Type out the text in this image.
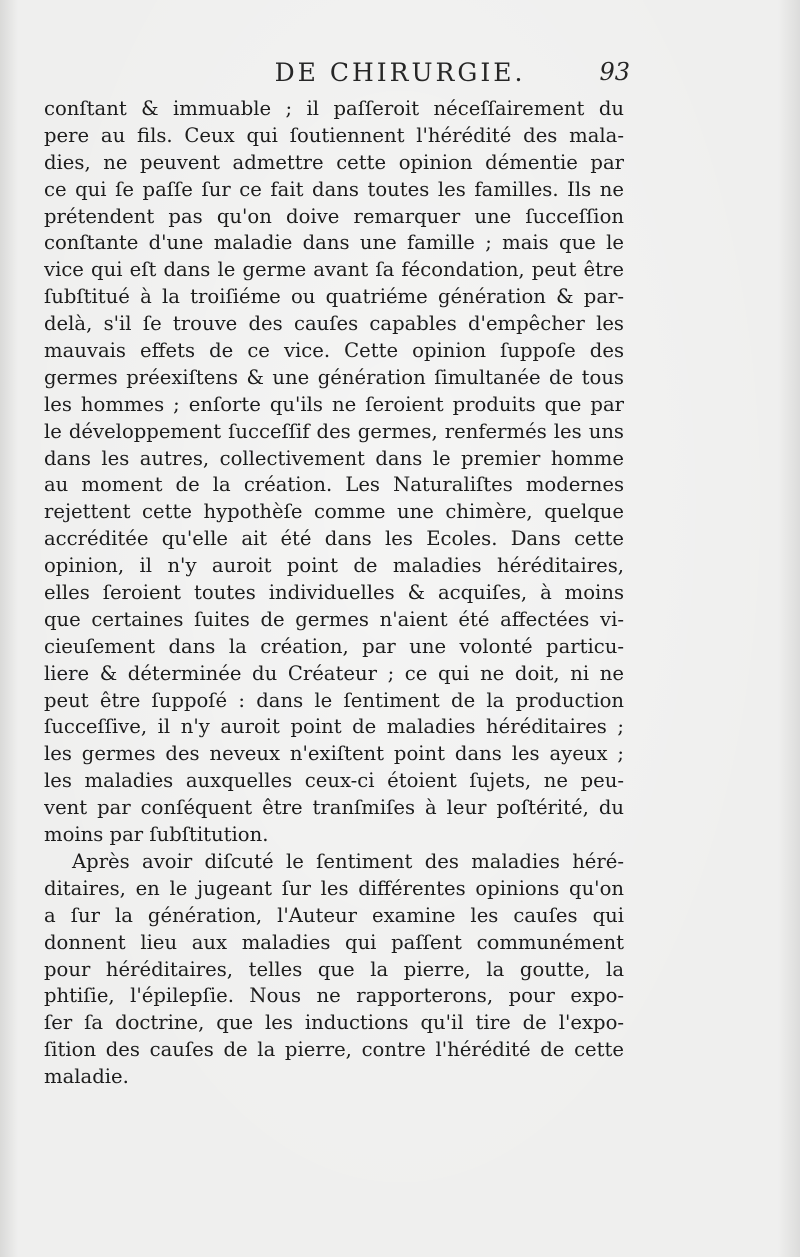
DE CHIRURGIE.	93
conſtant & immuable ; il paſſeroit néceſſairement du
pere au fils. Ceux qui ſoutiennent l'hérédité des mala-
dies, ne peuvent admettre cette opinion démentie par
ce qui ſe paſſe ſur ce fait dans toutes les familles. Ils ne
prétendent pas qu'on doive remarquer une ſucceſſion
conſtante d'une maladie dans une famille ; mais que le
vice qui eſt dans le germe avant ſa fécondation, peut être
ſubſtitué à la troiſiéme ou quatriéme génération & par-
delà, s'il ſe trouve des cauſes capables d'empêcher les
mauvais effets de ce vice. Cette opinion ſuppoſe des
germes préexiſtens & une génération ſimultanée de tous
les hommes ; enſorte qu'ils ne ſeroient produits que par
le développement ſucceſſif des germes, renfermés les uns
dans les autres, collectivement dans le premier homme
au moment de la création. Les Naturaliſtes modernes
rejettent cette hypothèſe comme une chimère, quelque
accréditée qu'elle ait été dans les Ecoles. Dans cette
opinion, il n'y auroit point de maladies héréditaires,
elles ſeroient toutes individuelles & acquiſes, à moins
que certaines ſuites de germes n'aient été affectées vi-
cieuſement dans la création, par une volonté particu-
liere & déterminée du Créateur ; ce qui ne doit, ni ne
peut être ſuppoſé : dans le ſentiment de la production
ſucceſſive, il n'y auroit point de maladies héréditaires ;
les germes des neveux n'exiſtent point dans les ayeux ;
les maladies auxquelles ceux-ci étoient ſujets, ne peu-
vent par conſéquent être tranſmiſes à leur poſtérité, du
moins par ſubſtitution.
Après avoir diſcuté le ſentiment des maladies héré-
ditaires, en le jugeant ſur les différentes opinions qu'on
a ſur la génération, l'Auteur examine les cauſes qui
donnent lieu aux maladies qui paſſent communément
pour héréditaires, telles que la pierre, la goutte, la
phtiſie, l'épilepſie. Nous ne rapporterons, pour expo-
ſer ſa doctrine, que les inductions qu'il tire de l'expo-
ſition des cauſes de la pierre, contre l'hérédité de cette
maladie.
